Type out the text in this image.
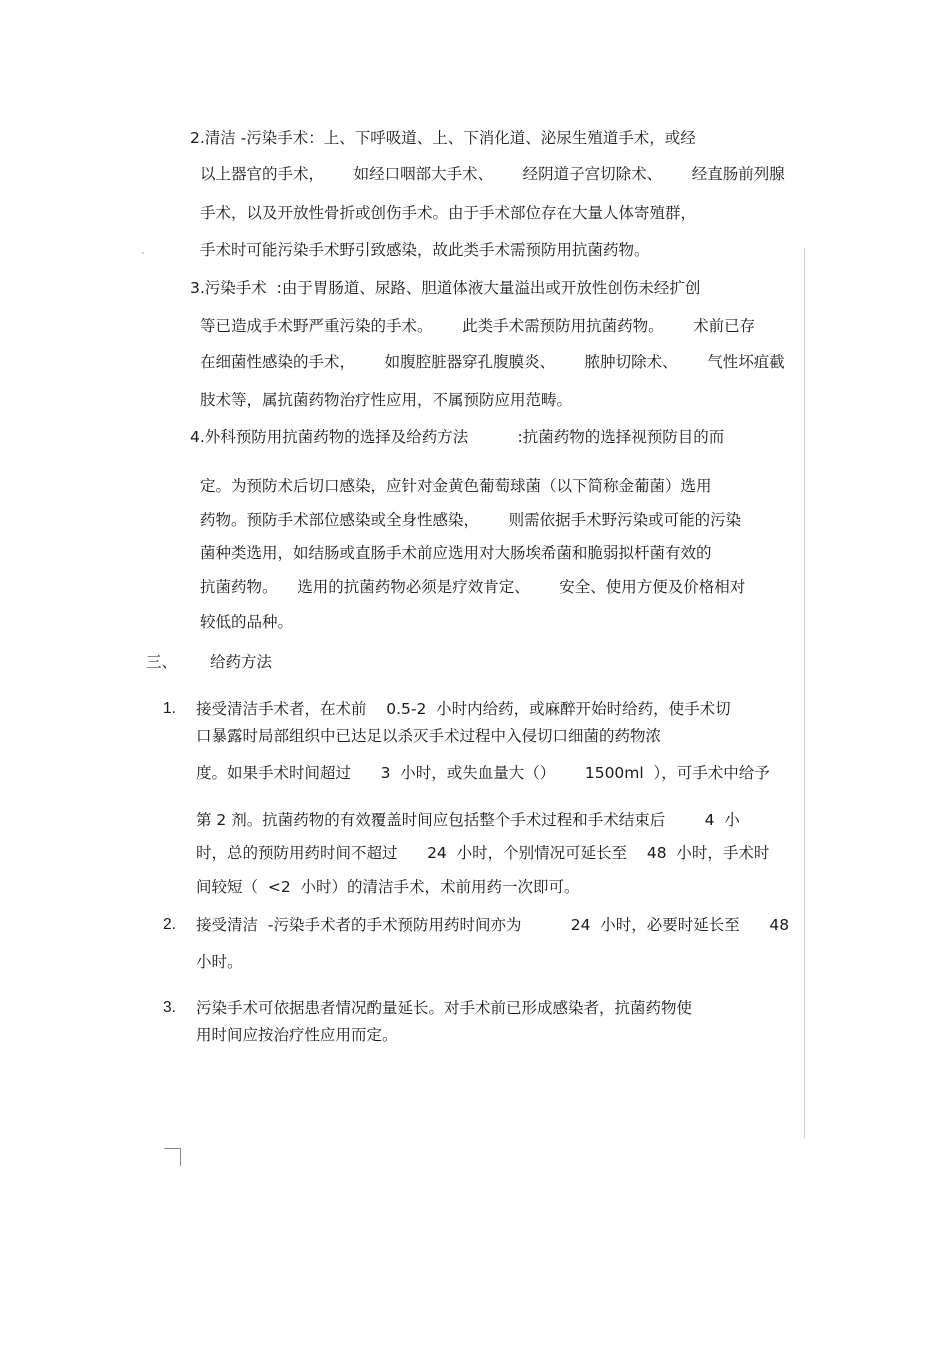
2.清洁 -污染手术：上、下呼吸道、上、下消化道、泌尿生殖道手术，或经
以上器官的手术，      如经口咽部大手术、      经阴道子宫切除术、      经直肠前列腺
手术，以及开放性骨折或创伤手术。由于手术部位存在大量人体寄殖群，
手术时可能污染手术野引致感染，故此类手术需预防用抗菌药物。
3.污染手术  :由于胃肠道、尿路、胆道体液大量溢出或开放性创伤未经扩创
等已造成手术野严重污染的手术。      此类手术需预防用抗菌药物。      术前已存
在细菌性感染的手术，      如腹腔脏器穿孔腹膜炎、      脓肿切除术、      气性坏疽截
肢术等，属抗菌药物治疗性应用，不属预防应用范畴。
4.外科预防用抗菌药物的选择及给药方法          :抗菌药物的选择视预防目的而
定。为预防术后切口感染，应针对金黄色葡萄球菌（以下简称金葡菌）选用
药物。预防手术部位感染或全身性感染，      则需依据手术野污染或可能的污染
菌种类选用，如结肠或直肠手术前应选用对大肠埃希菌和脆弱拟杆菌有效的
抗菌药物。    选用的抗菌药物必须是疗效肯定、      安全、使用方便及价格相对
较低的品种。
三、 给药方法
1. 接受清洁手术者，在术前    0.5-2  小时内给药，或麻醉开始时给药，使手术切
口暴露时局部组织中已达足以杀灭手术过程中入侵切口细菌的药物浓
度。如果手术时间超过      3  小时，或失血量大（）      1500ml  ），可手术中给予
第 2 剂。抗菌药物的有效覆盖时间应包括整个手术过程和手术结束后        4  小
时，总的预防用药时间不超过      24  小时，个别情况可延长至    48  小时，手术时
间较短（  <2  小时）的清洁手术，术前用药一次即可。
2. 接受清洁  -污染手术者的手术预防用药时间亦为          24  小时，必要时延长至      48
小时。
3. 污染手术可依据患者情况酌量延长。对手术前已形成感染者，抗菌药物使
用时间应按治疗性应用而定。
